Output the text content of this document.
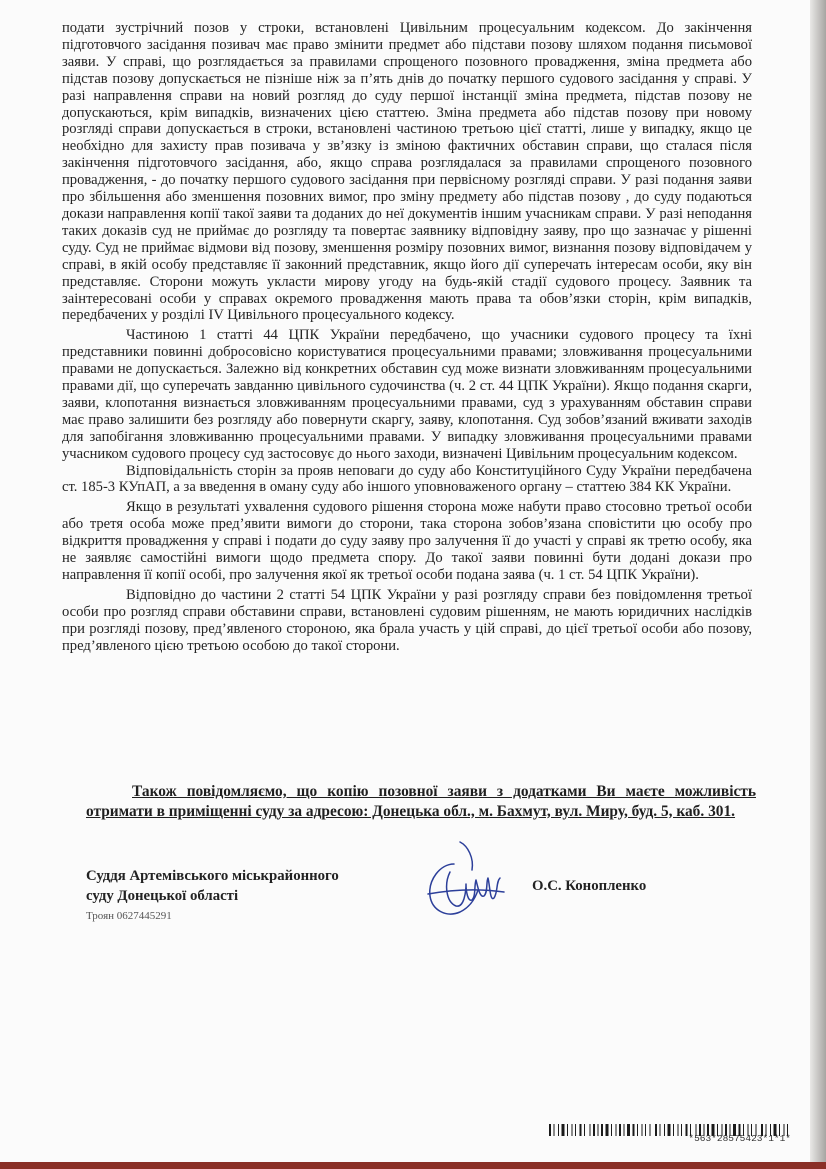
подати зустрічний позов у строки, встановлені Цивільним процесуальним кодексом. До закінчення підготовчого засідання позивач має право змінити предмет або підстави позову шляхом подання письмової заяви. У справі, що розглядається за правилами спрощеного позовного провадження, зміна предмета або підстав позову допускається не пізніше ніж за п’ять днів до початку першого судового засідання у справі. У разі направлення справи на новий розгляд до суду першої інстанції зміна предмета, підстав позову не допускаються, крім випадків, визначених цією статтею. Зміна предмета або підстав позову при новому розгляді справи допускається в строки, встановлені частиною третьою цієї статті, лише у випадку, якщо це необхідно для захисту прав позивача у зв’язку із зміною фактичних обставин справи, що сталася після закінчення підготовчого засідання, або, якщо справа розглядалася за правилами спрощеного позовного провадження, - до початку першого судового засідання при первісному розгляді справи. У разі подання заяви про збільшення або зменшення позовних вимог, про зміну предмету або підстав позову , до суду подаються докази направлення копії такої заяви та доданих до неї документів іншим учасникам справи. У разі неподання таких доказів суд не приймає до розгляду та повертає заявнику відповідну заяву, про що зазначає у рішенні суду. Суд не приймає відмови від позову, зменшення розміру позовних вимог, визнання позову відповідачем у справі, в якій особу представляє її законний представник, якщо його дії суперечать інтересам особи, яку він представляє. Сторони можуть укласти мирову угоду на будь-якій стадії судового процесу. Заявник та заінтересовані особи у справах окремого провадження мають права та обов’язки сторін, крім випадків, передбачених у розділі IV Цивільного процесуального кодексу.

Частиною 1 статті 44 ЦПК України передбачено, що учасники судового процесу та їхні представники повинні добросовісно користуватися процесуальними правами; зловживання процесуальними правами не допускається. Залежно від конкретних обставин суд може визнати зловживанням процесуальними правами дії, що суперечать завданню цивільного судочинства (ч. 2 ст. 44 ЦПК України). Якщо подання скарги, заяви, клопотання визнається зловживанням процесуальними правами, суд з урахуванням обставин справи має право залишити без розгляду або повернути скаргу, заяву, клопотання. Суд зобов’язаний вживати заходів для запобігання зловживанню процесуальними правами. У випадку зловживання процесуальними правами учасником судового процесу суд застосовує до нього заходи, визначені Цивільним процесуальним кодексом.

Відповідальність сторін за прояв неповаги до суду або Конституційного Суду України передбачена ст. 185-3 КУпАП, а за введення в оману суду або іншого уповноваженого органу – статтею 384 КК України.

Якщо в результаті ухвалення судового рішення сторона може набути право стосовно третьої особи або третя особа може пред’явити вимоги до сторони, така сторона зобов’язана сповістити цю особу про відкриття провадження у справі і подати до суду заяву про залучення її до участі у справі як третю особу, яка не заявляє самостійні вимоги щодо предмета спору. До такої заяви повинні бути додані докази про направлення її копії особі, про залучення якої як третьої особи подана заява (ч. 1 ст. 54 ЦПК України).

Відповідно до частини 2 статті 54 ЦПК України у разі розгляду справи без повідомлення третьої особи про розгляд справи обставини справи, встановлені судовим рішенням, не мають юридичних наслідків при розгляді позову, пред’явленого стороною, яка брала участь у цій справі, до цієї третьої особи або позову, пред’явленого цією третьою особою до такої сторони.

Також повідомляємо, що копію позовної заяви з додатками Ви маєте можливість отримати в приміщенні суду за адресою: Донецька обл., м. Бахмут, вул. Миру, буд. 5, каб. 301.
Суддя Артемівського міськрайонного
суду Донецької області
Троян 0627445291
О.С. Конопленко
*563*28575423*1*1*
